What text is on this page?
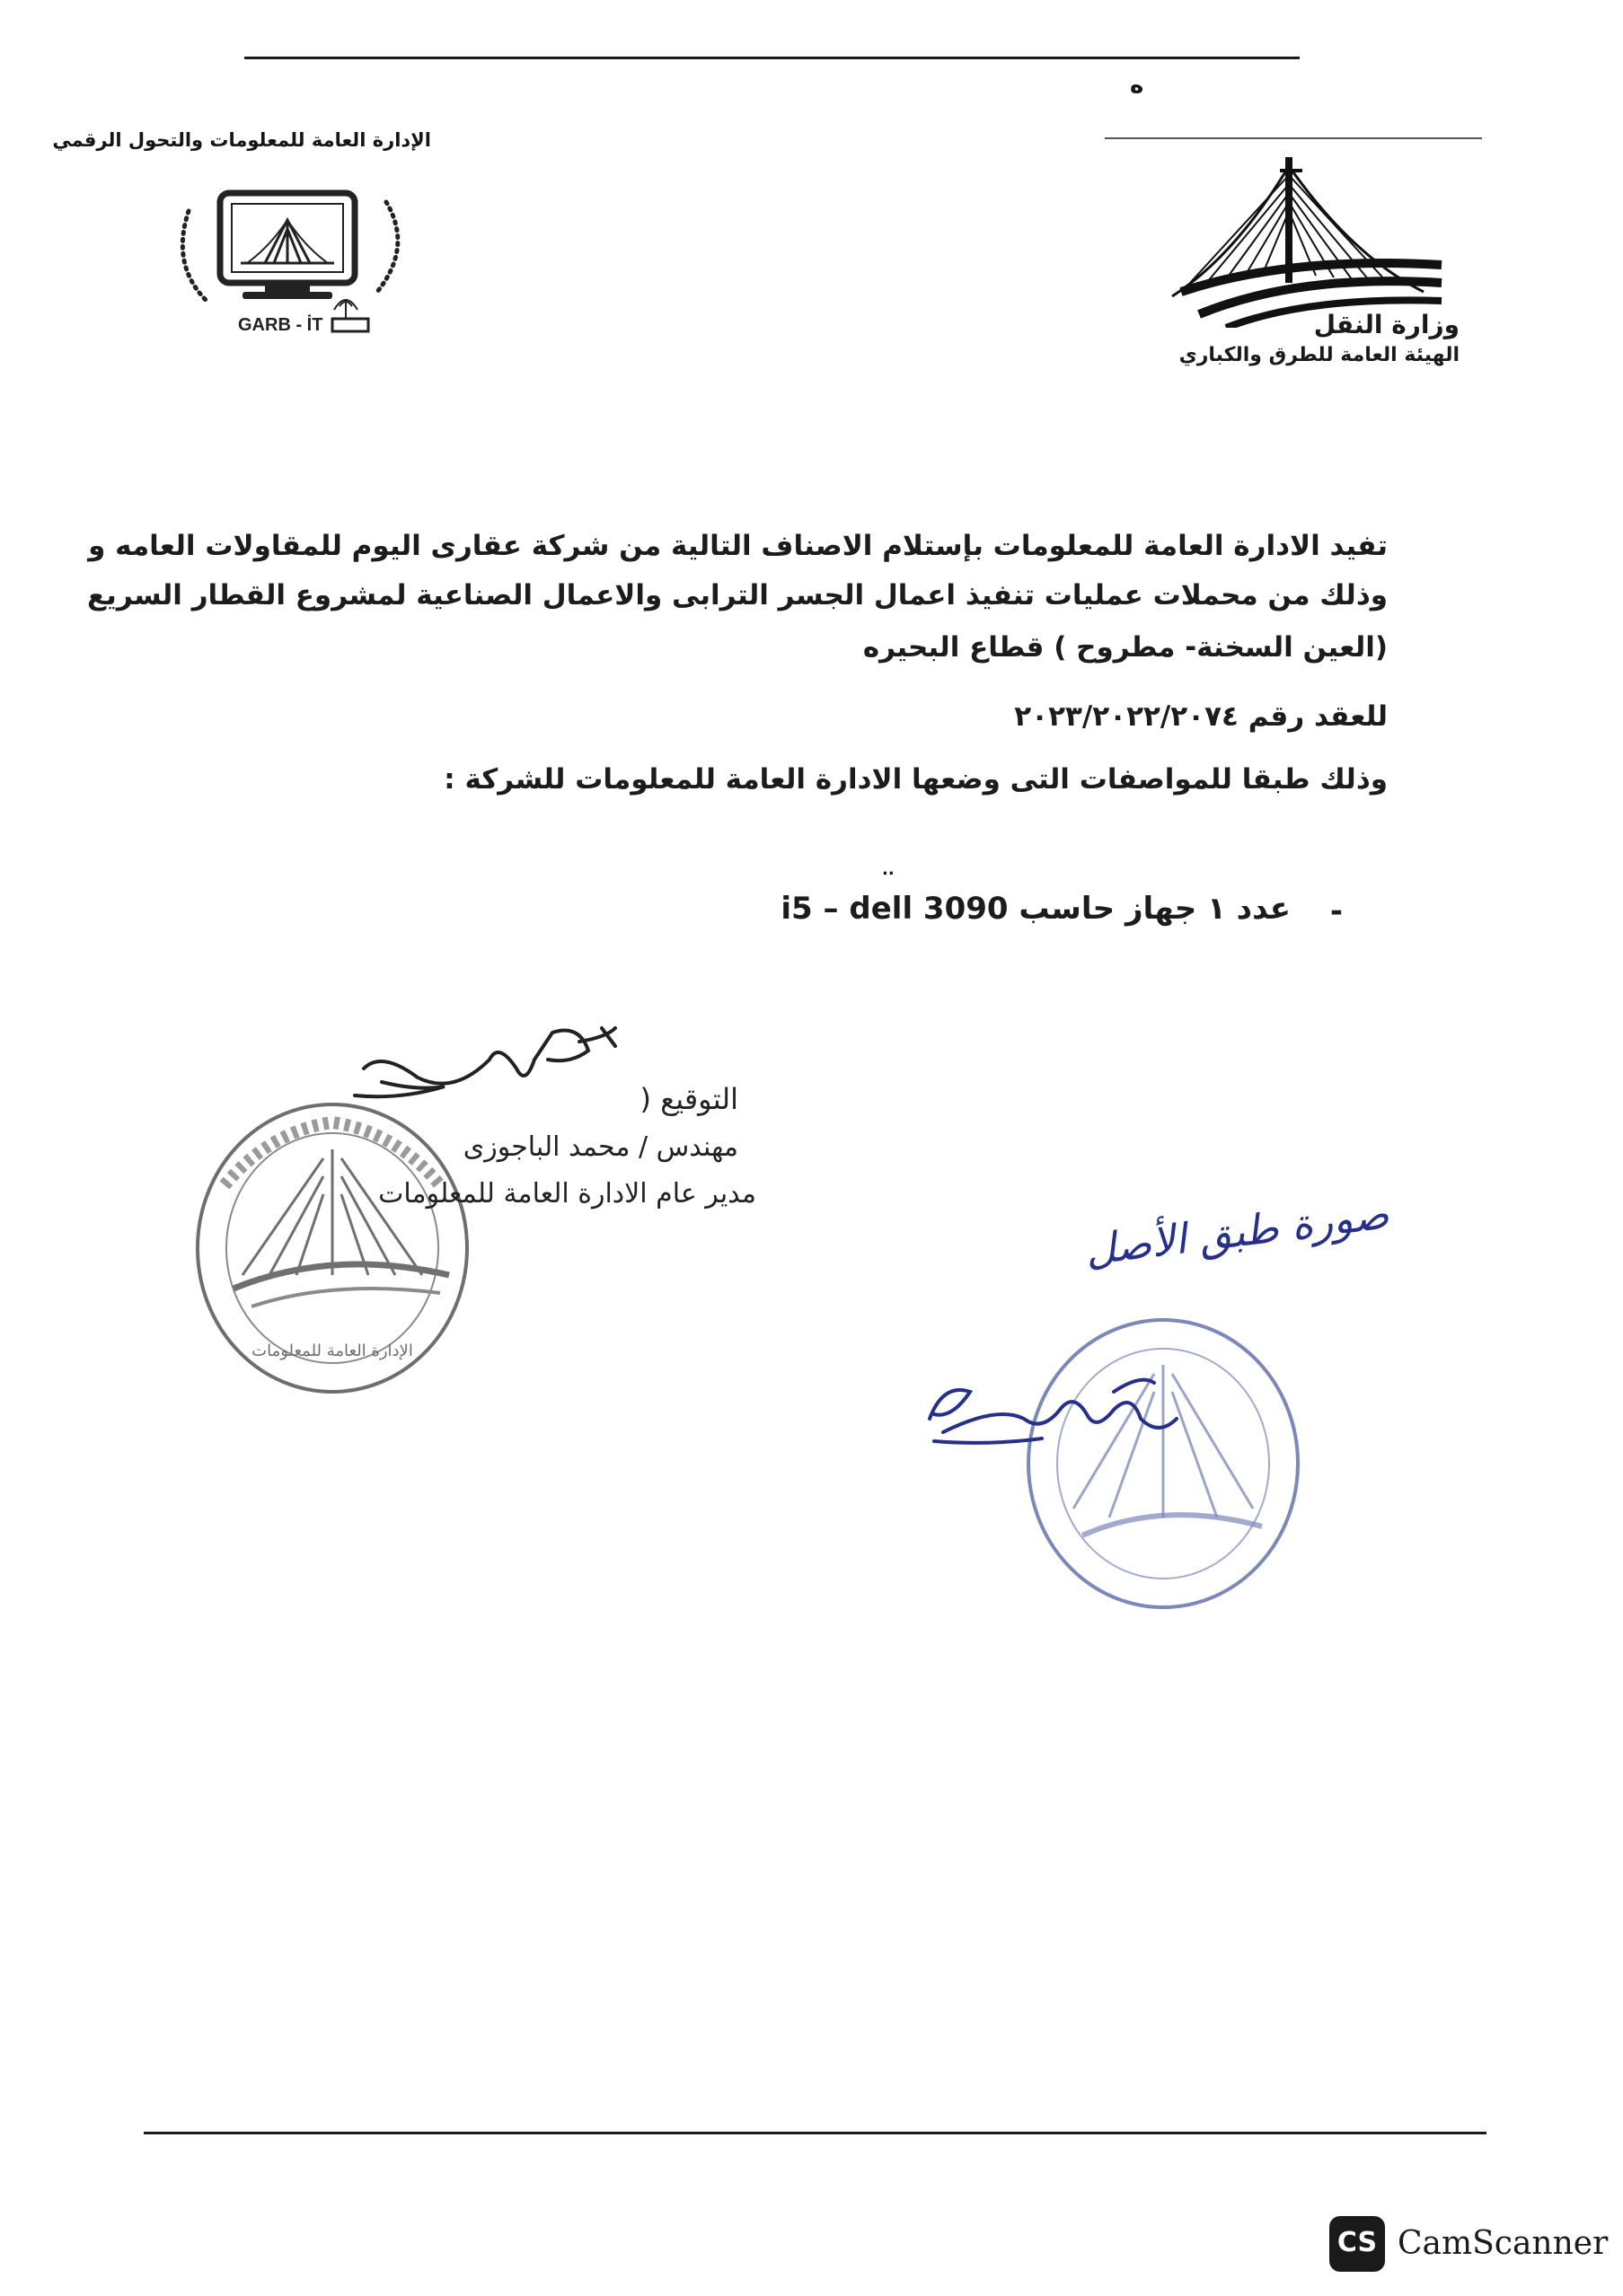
ه
الإدارة العامة للمعلومات والتحول الرقمي
GARB - İT	وزارة النقل
الهيئة العامة للطرق والكباري
تفيد الادارة العامة للمعلومات بإستلام الاصناف التالية من شركة عقارى اليوم للمقاولات العامه و
وذلك من محملات عمليات تنفيذ اعمال الجسر الترابى والاعمال الصناعية لمشروع القطار السريع
(العين السخنة- مطروح ) قطاع البحيره
للعقد رقم ٢٠٢٣/٢٠٢٢/٢٠٧٤
وذلك طبقا للمواصفات التى وضعها الادارة العامة للمعلومات للشركة :
..
-
عدد ١ جهاز حاسب i5 – dell 3090
الإدارة العامة للمعلومات
التوقيع (
مهندس / محمد الباجوزى
مدير عام الادارة العامة للمعلومات	صورة طبق الأصل
CS CamScanner
